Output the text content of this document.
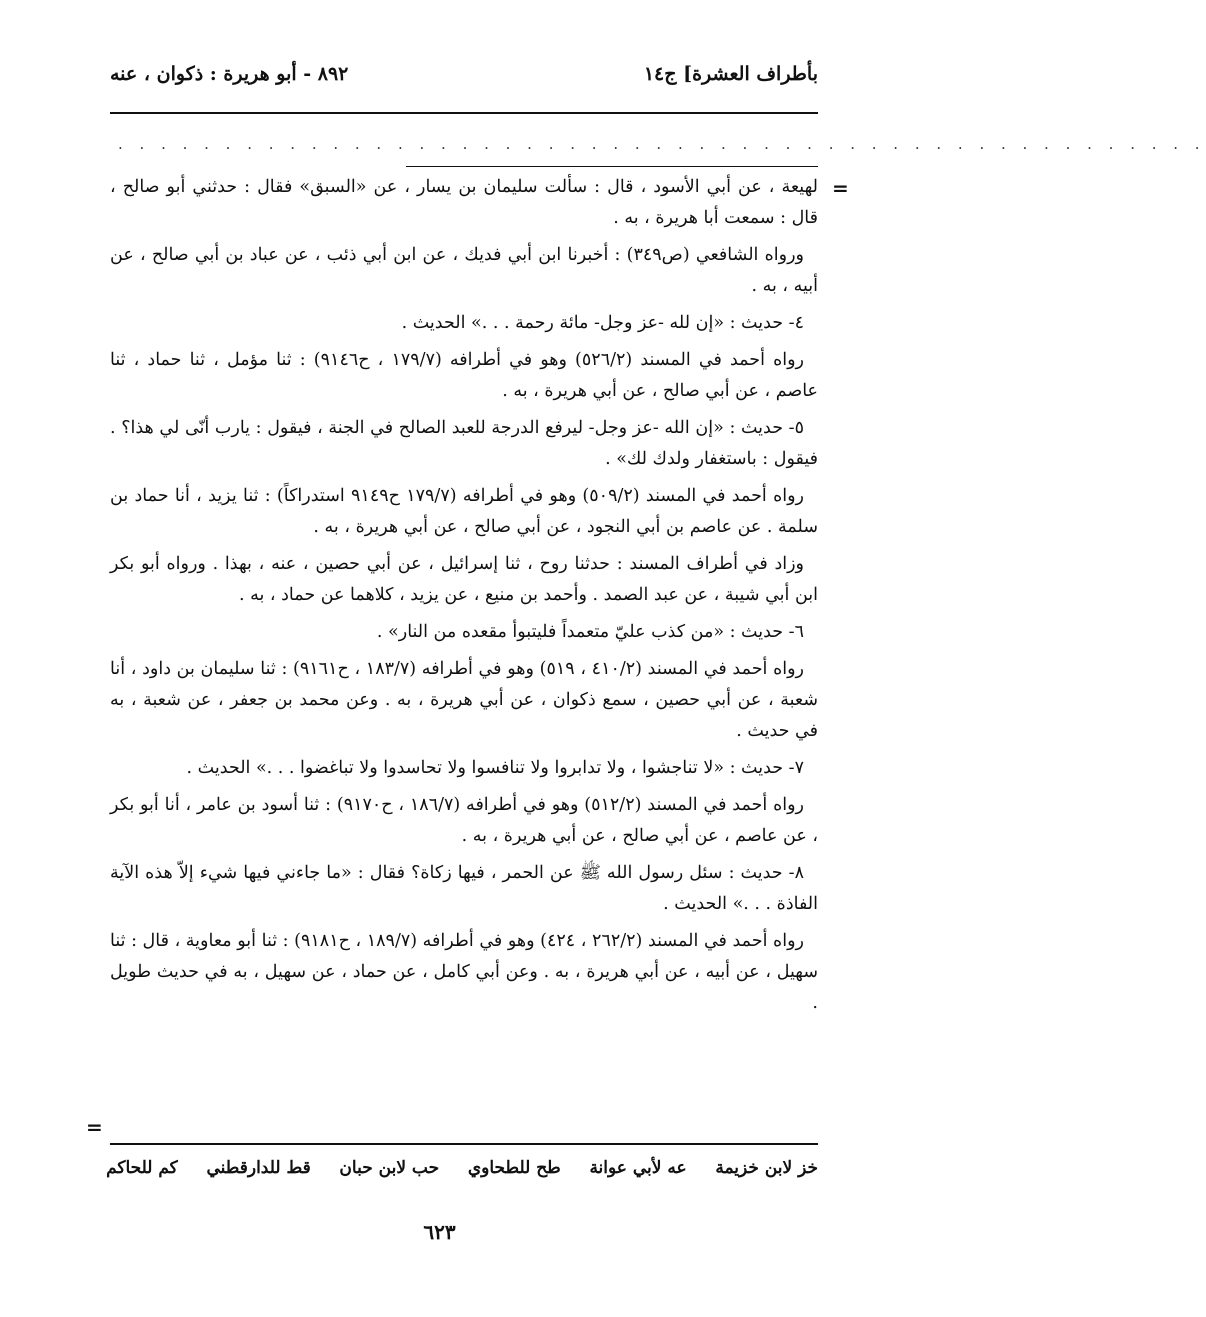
بأطراف العشرة] ج١٤
٨٩٢ - أبو هريرة : ذكوان ، عنه
. . . . . . . . . . . . . . . . . . . . . . . . . . . . . . . . . . . . . . . . . . . . . . . . . . .
=

لهيعة ، عن أبي الأسود ، قال : سألت سليمان بن يسار ، عن «السبق» فقال : حدثني أبو صالح ، قال : سمعت أبا هريرة ، به .

ورواه الشافعي (ص٣٤٩) : أخبرنا ابن أبي فديك ، عن ابن أبي ذئب ، عن عباد بن أبي صالح ، عن أبيه ، به .

٤- حديث : «إن لله -عز وجل- مائة رحمة . . .» الحديث .

رواه أحمد في المسند (٥٢٦/٢) وهو في أطرافه (١٧٩/٧ ، ح٩١٤٦) : ثنا مؤمل ، ثنا حماد ، ثنا عاصم ، عن أبي صالح ، عن أبي هريرة ، به .

٥- حديث : «إن الله -عز وجل- ليرفع الدرجة للعبد الصالح في الجنة ، فيقول : يارب أنّى لي هذا؟ . فيقول : باستغفار ولدك لك» .

رواه أحمد في المسند (٥٠٩/٢) وهو في أطرافه (١٧٩/٧ ح٩١٤٩ استدراكاً) : ثنا يزيد ، أنا حماد بن سلمة . عن عاصم بن أبي النجود ، عن أبي صالح ، عن أبي هريرة ، به .

وزاد في أطراف المسند : حدثنا روح ، ثنا إسرائيل ، عن أبي حصين ، عنه ، بهذا . ورواه أبو بكر ابن أبي شيبة ، عن عبد الصمد . وأحمد بن منيع ، عن يزيد ، كلاهما عن حماد ، به .

٦- حديث : «من كذب عليّ متعمداً فليتبوأ مقعده من النار» .

رواه أحمد في المسند (٤١٠/٢ ، ٥١٩) وهو في أطرافه (١٨٣/٧ ، ح٩١٦١) : ثنا سليمان بن داود ، أنا شعبة ، عن أبي حصين ، سمع ذكوان ، عن أبي هريرة ، به . وعن محمد بن جعفر ، عن شعبة ، به في حديث .

٧- حديث : «لا تناجشوا ، ولا تدابروا ولا تنافسوا ولا تحاسدوا ولا تباغضوا . . .» الحديث .

رواه أحمد في المسند (٥١٢/٢) وهو في أطرافه (١٨٦/٧ ، ح٩١٧٠) : ثنا أسود بن عامر ، أنا أبو بكر ، عن عاصم ، عن أبي صالح ، عن أبي هريرة ، به .

٨- حديث : سئل رسول الله ﷺ عن الحمر ، فيها زكاة؟ فقال : «ما جاءني فيها شيء إلاّ هذه الآية الفاذة . . .» الحديث .

رواه أحمد في المسند (٢٦٢/٢ ، ٤٢٤) وهو في أطرافه (١٨٩/٧ ، ح٩١٨١) : ثنا أبو معاوية ، قال : ثنا سهيل ، عن أبيه ، عن أبي هريرة ، به . وعن أبي كامل ، عن حماد ، عن سهيل ، به في حديث طويل .

=
خز لابن خزيمة
عه لأبي عوانة
طح للطحاوي
حب لابن حبان
قط للدارقطني
كم للحاكم
٦٢٣
